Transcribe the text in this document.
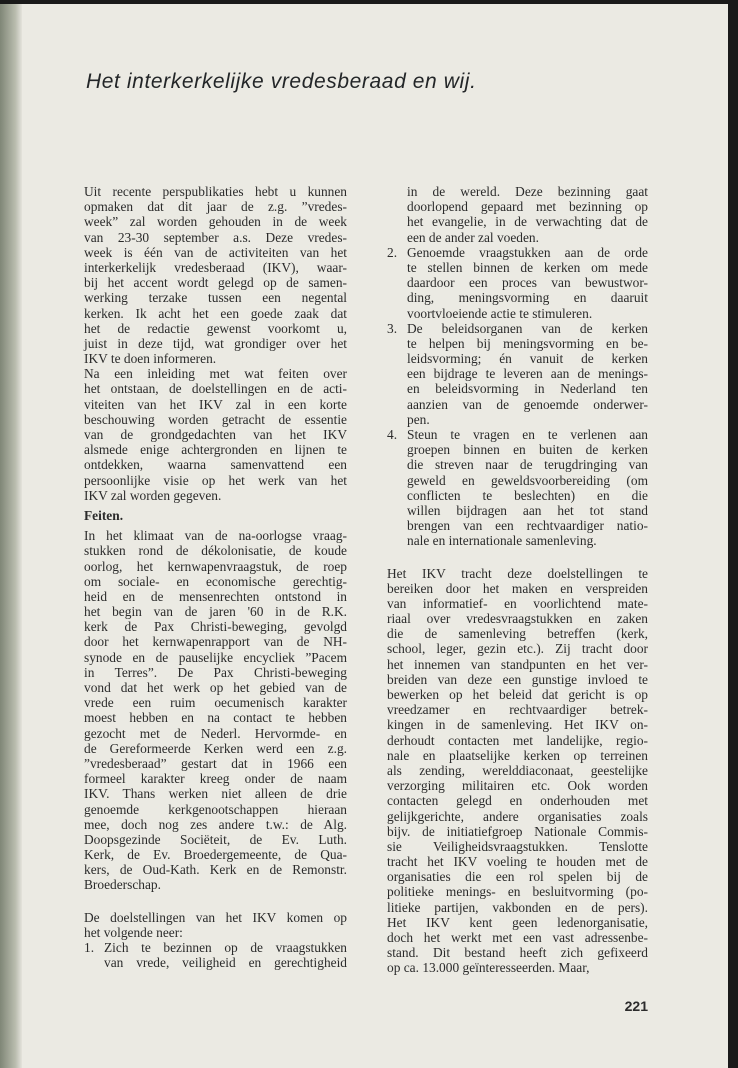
Het interkerkelijke vredesberaad en wij.
Uit recente perspublikaties hebt u kunnen
opmaken dat dit jaar de z.g. ”vredes-
week” zal worden gehouden in de week
van 23-30 september a.s. Deze vredes-
week is één van de activiteiten van het
interkerkelijk vredesberaad (IKV), waar-
bij het accent wordt gelegd op de samen-
werking terzake tussen een negental
kerken. Ik acht het een goede zaak dat
het de redactie gewenst voorkomt u,
juist in deze tijd, wat grondiger over het
IKV te doen informeren.
Na een inleiding met wat feiten over
het ontstaan, de doelstellingen en de acti-
viteiten van het IKV zal in een korte
beschouwing worden getracht de essentie
van de grondgedachten van het IKV
alsmede enige achtergronden en lijnen te
ontdekken, waarna samenvattend een
persoonlijke visie op het werk van het
IKV zal worden gegeven.
Feiten.
In het klimaat van de na-oorlogse vraag-
stukken rond de dékolonisatie, de koude
oorlog, het kernwapenvraagstuk, de roep
om sociale- en economische gerechtig-
heid en de mensenrechten ontstond in
het begin van de jaren '60 in de R.K.
kerk de Pax Christi-beweging, gevolgd
door het kernwapenrapport van de NH-
synode en de pauselijke encycliek ”Pacem
in Terres”. De Pax Christi-beweging
vond dat het werk op het gebied van de
vrede een ruim oecumenisch karakter
moest hebben en na contact te hebben
gezocht met de Nederl. Hervormde- en
de Gereformeerde Kerken werd een z.g.
”vredesberaad” gestart dat in 1966 een
formeel karakter kreeg onder de naam
IKV. Thans werken niet alleen de drie
genoemde kerkgenootschappen hieraan
mee, doch nog zes andere t.w.: de Alg.
Doopsgezinde Sociëteit, de Ev. Luth.
Kerk, de Ev. Broedergemeente, de Qua-
kers, de Oud-Kath. Kerk en de Remonstr.
Broederschap.
De doelstellingen van het IKV komen op
het volgende neer:
1. Zich te bezinnen op de vraagstukken
van vrede, veiligheid en gerechtigheid
in de wereld. Deze bezinning gaat
doorlopend gepaard met bezinning op
het evangelie, in de verwachting dat de
een de ander zal voeden.
2. Genoemde vraagstukken aan de orde
te stellen binnen de kerken om mede
daardoor een proces van bewustwor-
ding, meningsvorming en daaruit
voortvloeiende actie te stimuleren.
3. De beleidsorganen van de kerken
te helpen bij meningsvorming en be-
leidsvorming; én vanuit de kerken
een bijdrage te leveren aan de menings-
en beleidsvorming in Nederland ten
aanzien van de genoemde onderwer-
pen.
4. Steun te vragen en te verlenen aan
groepen binnen en buiten de kerken
die streven naar de terugdringing van
geweld en geweldsvoorbereiding (om
conflicten te beslechten) en die
willen bijdragen aan het tot stand
brengen van een rechtvaardiger natio-
nale en internationale samenleving.
Het IKV tracht deze doelstellingen te
bereiken door het maken en verspreiden
van informatief- en voorlichtend mate-
riaal over vredesvraagstukken en zaken
die de samenleving betreffen (kerk,
school, leger, gezin etc.). Zij tracht door
het innemen van standpunten en het ver-
breiden van deze een gunstige invloed te
bewerken op het beleid dat gericht is op
vreedzamer en rechtvaardiger betrek-
kingen in de samenleving. Het IKV on-
derhoudt contacten met landelijke, regio-
nale en plaatselijke kerken op terreinen
als zending, werelddiaconaat, geestelijke
verzorging militairen etc. Ook worden
contacten gelegd en onderhouden met
gelijkgerichte, andere organisaties zoals
bijv. de initiatiefgroep Nationale Commis-
sie Veiligheidsvraagstukken. Tenslotte
tracht het IKV voeling te houden met de
organisaties die een rol spelen bij de
politieke menings- en besluitvorming (po-
litieke partijen, vakbonden en de pers).
Het IKV kent geen ledenorganisatie,
doch het werkt met een vast adressenbe-
stand. Dit bestand heeft zich gefixeerd
op ca. 13.000 geïnteresseerden. Maar,
221
